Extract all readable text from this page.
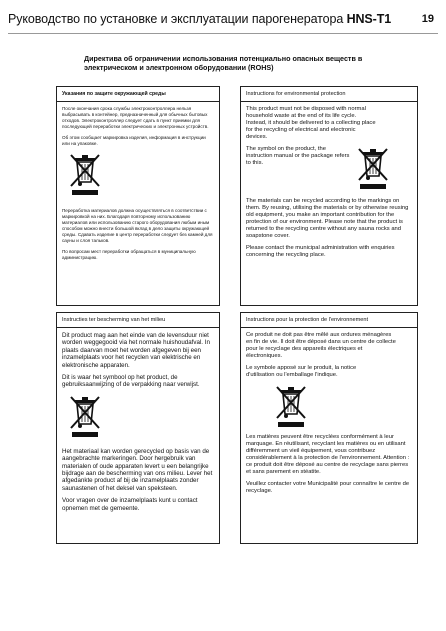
Руководство по установке и эксплуатации парогенератора HNS-T1	19
Директива об ограничении использования потенциально опасных веществ в электрическом и электронном оборудовании (ROHS)
Указания по защите окружающей среды
После окончания срока службы электроконтроллера нельзя выбрасывать в контейнер, предназначенный для обычных бытовых отходов. Электроконтроллер следует сдать в пункт приемки для последующей переработки электрических и электронных устройств.
Об этом сообщает маркировка изделия, информация в инструкции или на упаковке.
Переработка материалов должна осуществляться в соответствии с маркировкой на них. Благодаря повторному использованию материалов или использованию старого оборудования любым иным способом можно внести большой вклад в дело защиты окружающей среды. Сдавать изделие в центр переработки следует без камней для сауны и слоя тальков.
По вопросам мест переработки обращаться в муниципальную администрацию.
Instructions for environmental protection
This product must not be disposed with normal household waste at the end of its life cycle. Instead, it should be delivered to a collecting place for the recycling of electrical and electronic devices.
The symbol on the product, the instruction manual or the package refers to this.
The materials can be recycled according to the markings on them. By reusing, utilising the materials or by otherwise reusing old equipment, you make an important contribution for the protection of our environment. Please note that the product is returned to the recycling centre without any sauna rocks and soapstone cover.
Please contact the municipal administration with enquiries concerning the recycling place.
Instructies ter bescherming van het milieu
Dit product mag aan het einde van de levensduur niet worden weggegooid via het normale huishoudafval. In plaats daarvan moet het worden afgegeven bij een inzamelplaats voor het recyclen van elektrische en elektronische apparaten.
Dit is waar het symbool op het product, de gebruiksaanwijzing of de verpakking naar verwijst.
Het materiaal kan worden gerecycled op basis van de aangebrachte markeringen. Door hergebruik van materialen of oude apparaten levert u een belangrijke bijdrage aan de bescherming van ons milieu. Lever het afgedankte product af bij de inzamelplaats zonder saunastenen of het deksel van speksteen.
Voor vragen over de inzamelplaats kunt u contact opnemen met de gemeente.
Instructions pour la protection de l'environnement
Ce produit ne doit pas être mêlé aux ordures ménagères en fin de vie. Il doit être déposé dans un centre de collecte pour le recyclage des appareils électriques et électroniques.
Le symbole apposé sur le produit, la notice d'utilisation ou l'emballage l'indique.
Les matières peuvent être recyclées conformément à leur marquage. En réutilisant, recyclant les matières ou en utilisant différemment un vieil équipement, vous contribuez considérablement à la protection de l'environnement. Attention : ce produit doit être déposé au centre de recyclage sans pierres et sans parement en stéatite.
Veuillez contacter votre Municipalité pour connaître le centre de recyclage.
